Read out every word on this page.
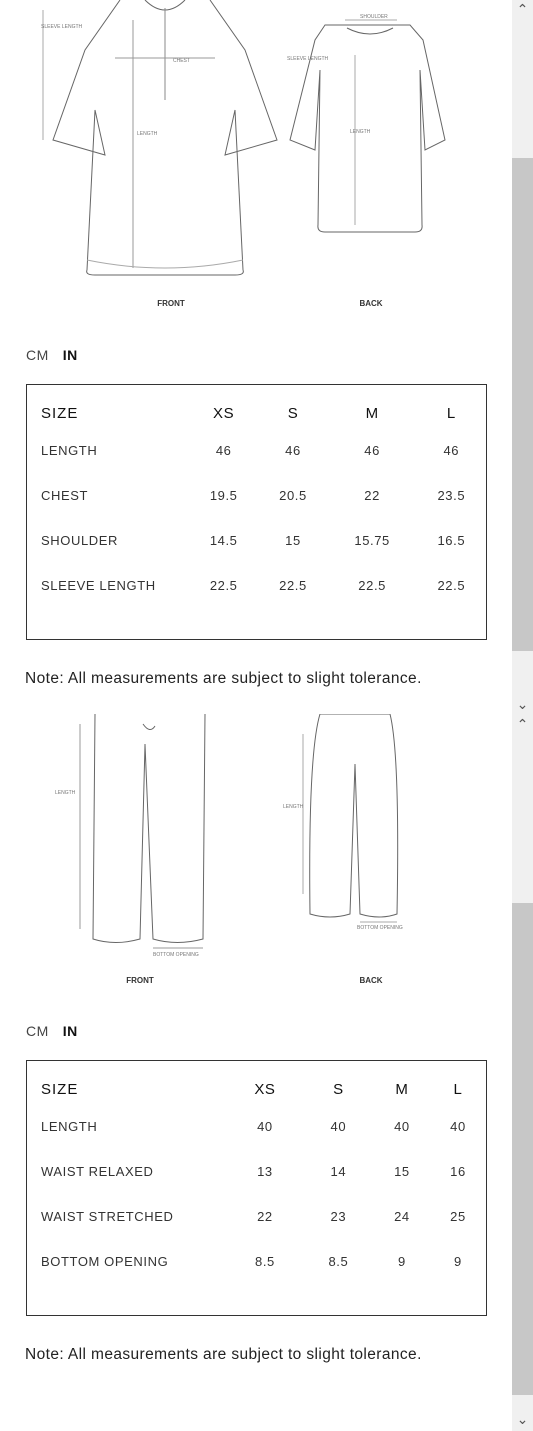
SLEEVE LENGTH
CHEST
LENGTH
SHOULDER
SLEEVE LENGTH
LENGTH
FRONT	BACK
CM IN
SIZE	XS	S	M	L
LENGTH	46	46	46	46
CHEST	19.5	20.5	22	23.5
SHOULDER	14.5	15	15.75	16.5
SLEEVE LENGTH	22.5	22.5	22.5	22.5
Note: All measurements are subject to slight tolerance.
LENGTH
BOTTOM OPENING
LENGTH
BOTTOM OPENING
FRONT	BACK
CM IN
SIZE	XS	S	M	L
LENGTH	40	40	40	40
WAIST RELAXED	13	14	15	16
WAIST STRETCHED	22	23	24	25
BOTTOM OPENING	8.5	8.5	9	9
Note: All measurements are subject to slight tolerance.
⌃
⌄
⌃
⌄
